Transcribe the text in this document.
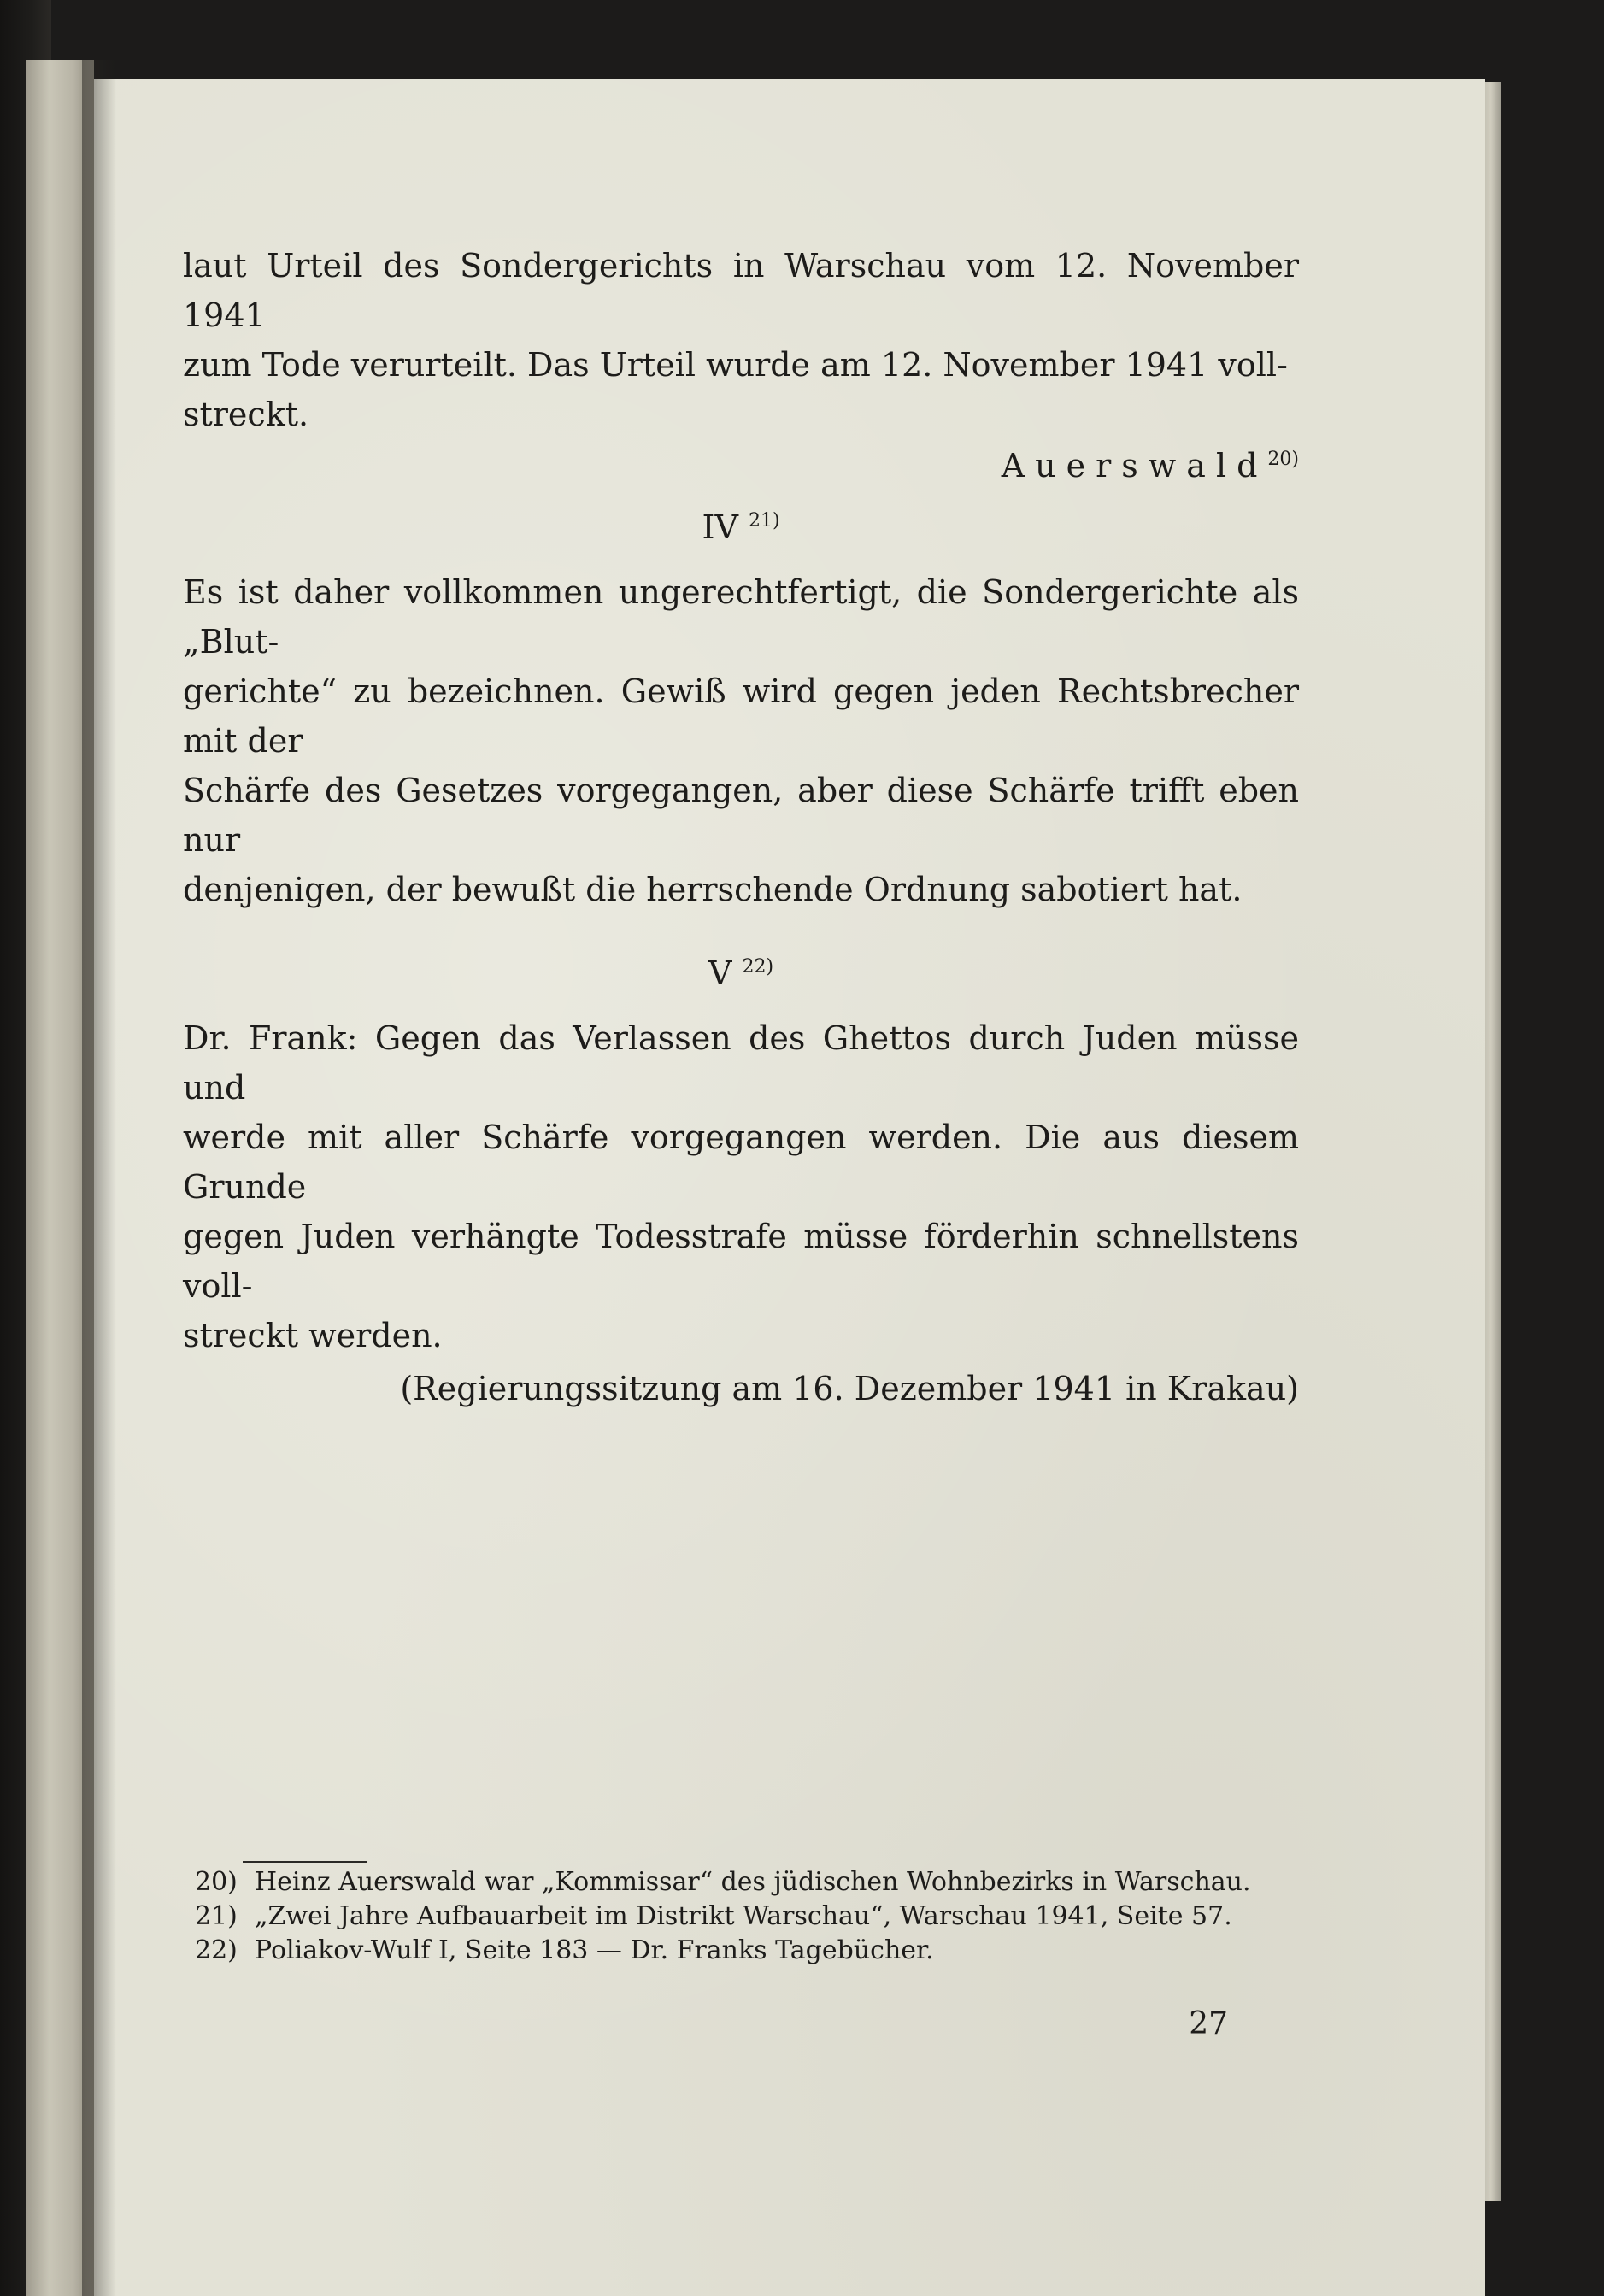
laut Urteil des Sondergerichts in Warschau vom 12. November 1941
zum Tode verurteilt. Das Urteil wurde am 12. November 1941 voll-
streckt.

Auerswald$^{20)}$

IV $^{21)}$

Es ist daher vollkommen ungerechtfertigt, die Sondergerichte als „Blut-
gerichte“ zu bezeichnen. Gewiß wird gegen jeden Rechtsbrecher mit der
Schärfe des Gesetzes vorgegangen, aber diese Schärfe trifft eben nur
denjenigen, der bewußt die herrschende Ordnung sabotiert hat.

V $^{22)}$

Dr. Frank: Gegen das Verlassen des Ghettos durch Juden müsse und
werde mit aller Schärfe vorgegangen werden. Die aus diesem Grunde
gegen Juden verhängte Todesstrafe müsse förderhin schnellstens voll-
streckt werden.

(Regierungssitzung am 16. Dezember 1941 in Krakau)

20) Heinz Auerswald war „Kommissar“ des jüdischen Wohnbezirks in Warschau.

21) „Zwei Jahre Aufbauarbeit im Distrikt Warschau“, Warschau 1941, Seite 57.

22) Poliakov-Wulf I, Seite 183 — Dr. Franks Tagebücher.

27
